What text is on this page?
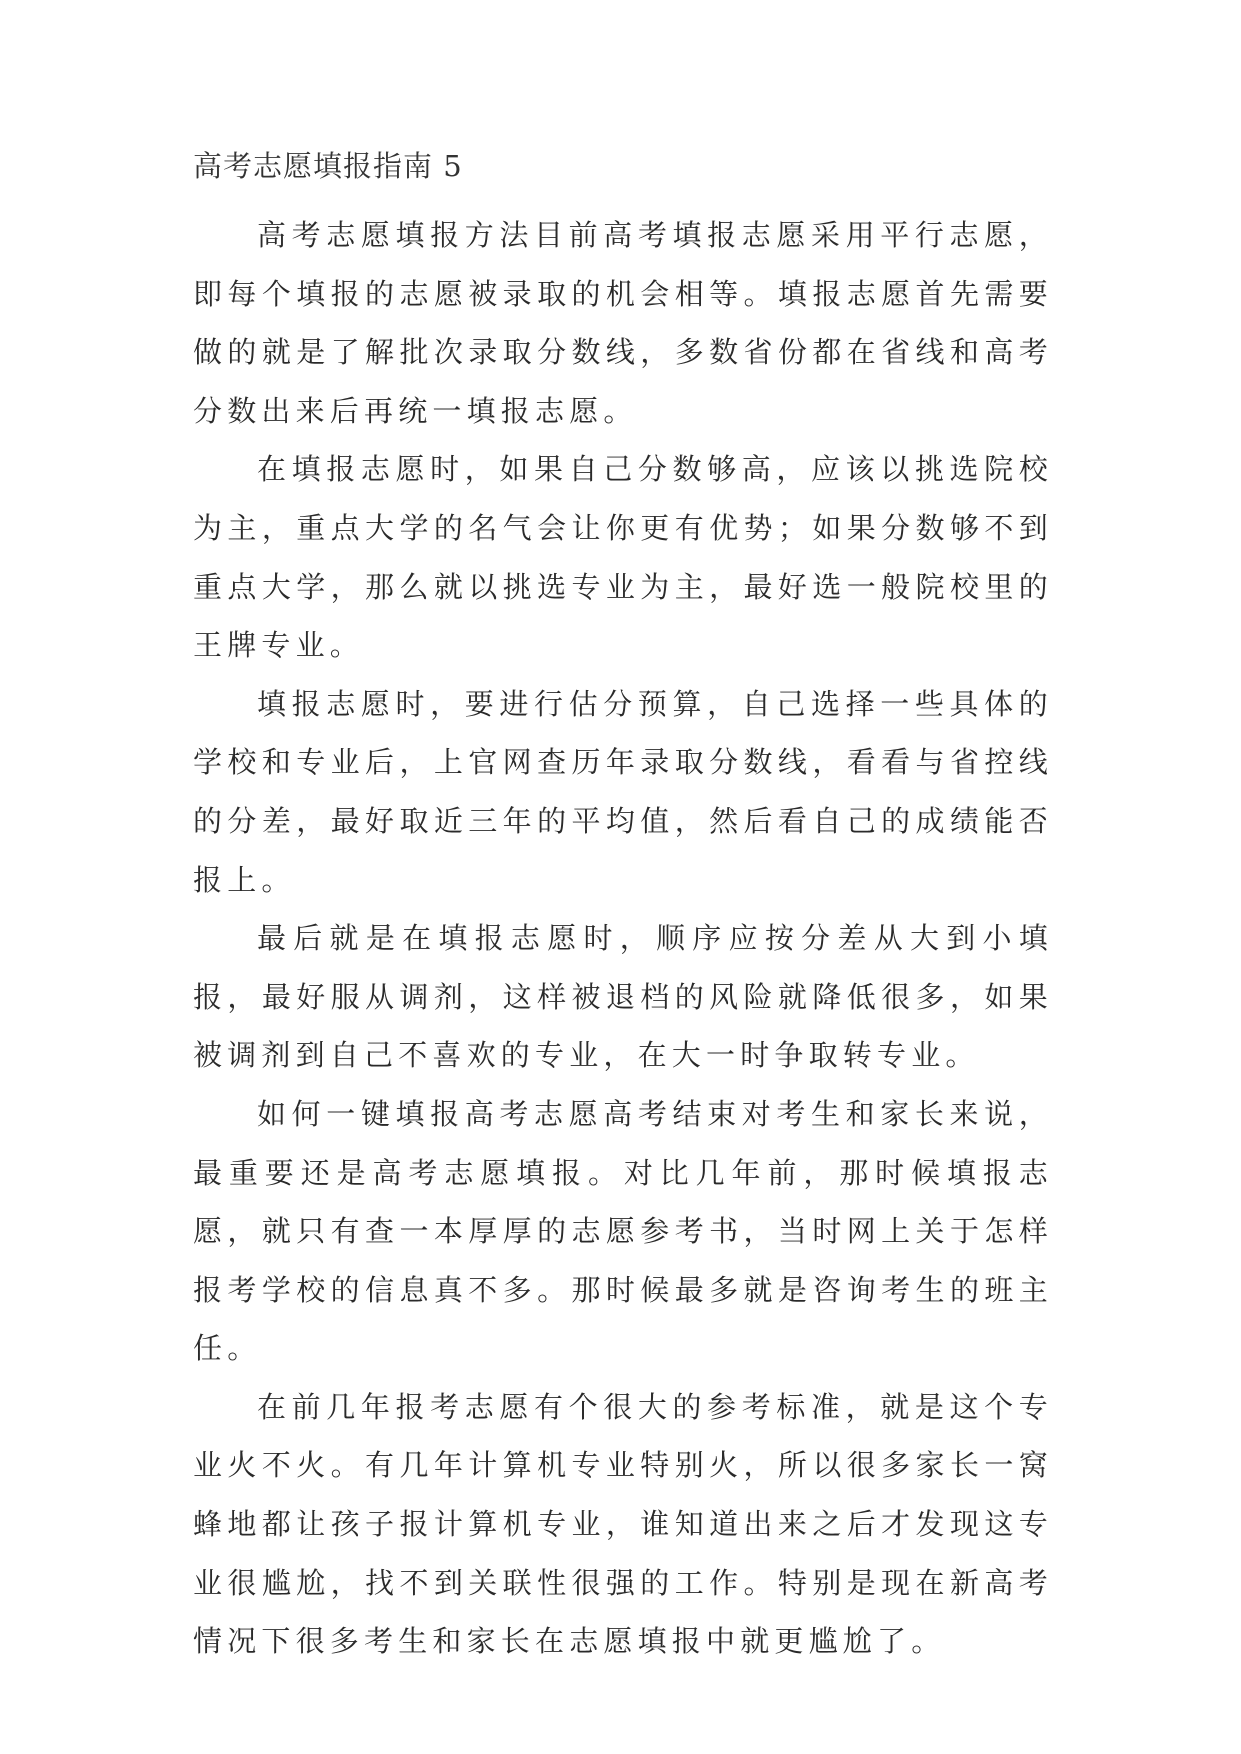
高考志愿填报指南 5

高考志愿填报方法目前高考填报志愿采用平行志愿，即每个填报的志愿被录取的机会相等。填报志愿首先需要做的就是了解批次录取分数线，多数省份都在省线和高考分数出来后再统一填报志愿。

在填报志愿时，如果自己分数够高，应该以挑选院校为主，重点大学的名气会让你更有优势；如果分数够不到重点大学，那么就以挑选专业为主，最好选一般院校里的王牌专业。

填报志愿时，要进行估分预算，自己选择一些具体的学校和专业后，上官网查历年录取分数线，看看与省控线的分差，最好取近三年的平均值，然后看自己的成绩能否报上。

最后就是在填报志愿时，顺序应按分差从大到小填报，最好服从调剂，这样被退档的风险就降低很多，如果被调剂到自己不喜欢的专业，在大一时争取转专业。

如何一键填报高考志愿高考结束对考生和家长来说，最重要还是高考志愿填报。对比几年前，那时候填报志愿，就只有查一本厚厚的志愿参考书，当时网上关于怎样报考学校的信息真不多。那时候最多就是咨询考生的班主任。

在前几年报考志愿有个很大的参考标准，就是这个专业火不火。有几年计算机专业特别火，所以很多家长一窝蜂地都让孩子报计算机专业，谁知道出来之后才发现这专业很尴尬，找不到关联性很强的工作。特别是现在新高考情况下很多考生和家长在志愿填报中就更尴尬了。
